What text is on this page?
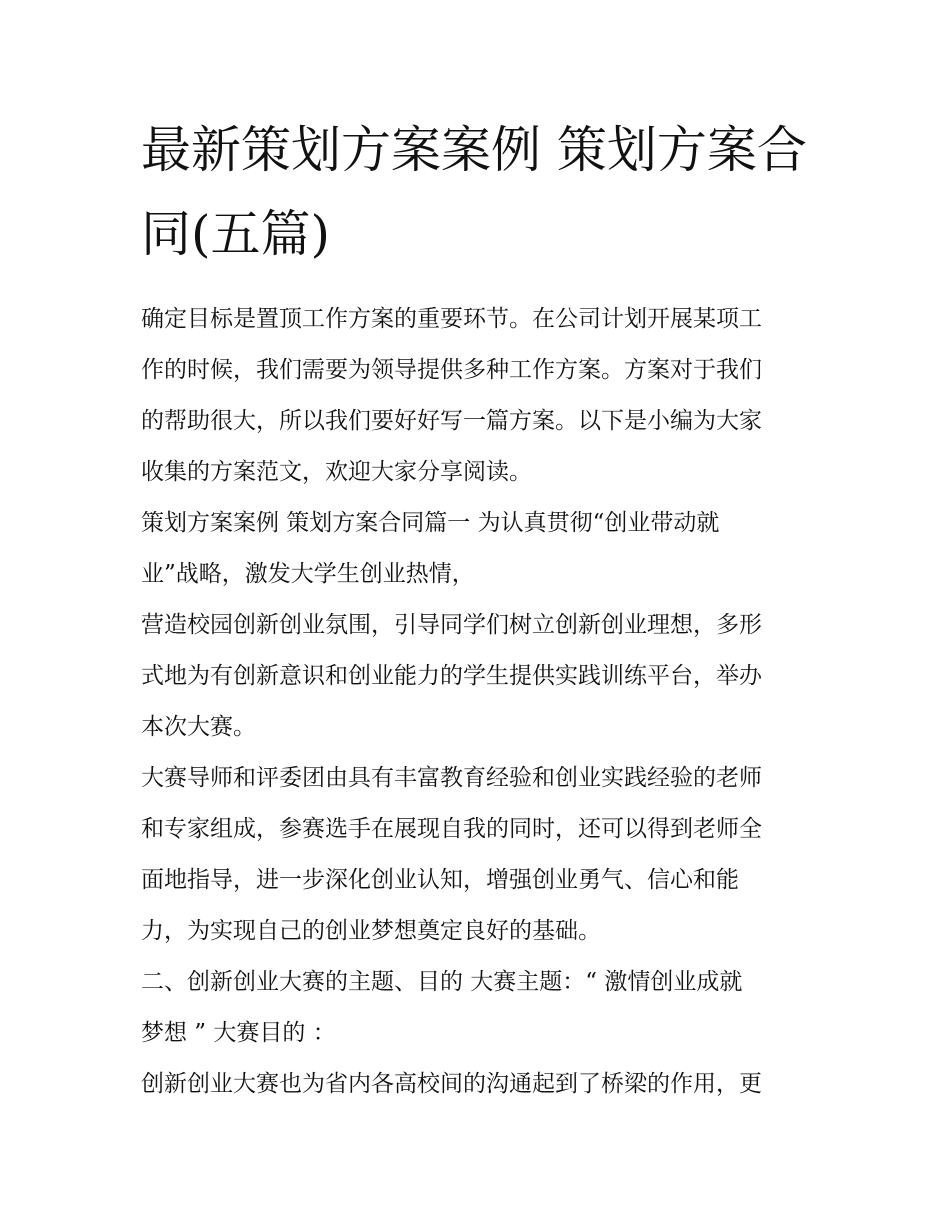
最新策划方案案例 策划方案合
同(五篇)

确定目标是置顶工作方案的重要环节。在公司计划开展某项工
作的时候，我们需要为领导提供多种工作方案。方案对于我们
的帮助很大，所以我们要好好写一篇方案。以下是小编为大家
收集的方案范文，欢迎大家分享阅读。

策划方案案例 策划方案合同篇一 为认真贯彻“创业带动就
业”战略，激发大学生创业热情，

营造校园创新创业氛围，引导同学们树立创新创业理想，多形
式地为有创新意识和创业能力的学生提供实践训练平台，举办
本次大赛。

大赛导师和评委团由具有丰富教育经验和创业实践经验的老师
和专家组成，参赛选手在展现自我的同时，还可以得到老师全
面地指导，进一步深化创业认知，增强创业勇气、信心和能
力，为实现自己的创业梦想奠定良好的基础。

二、创新创业大赛的主题、目的 大赛主题：“ 激情创业成就
梦想 ” 大赛目的 ：

创新创业大赛也为省内各高校间的沟通起到了桥梁的作用，更
